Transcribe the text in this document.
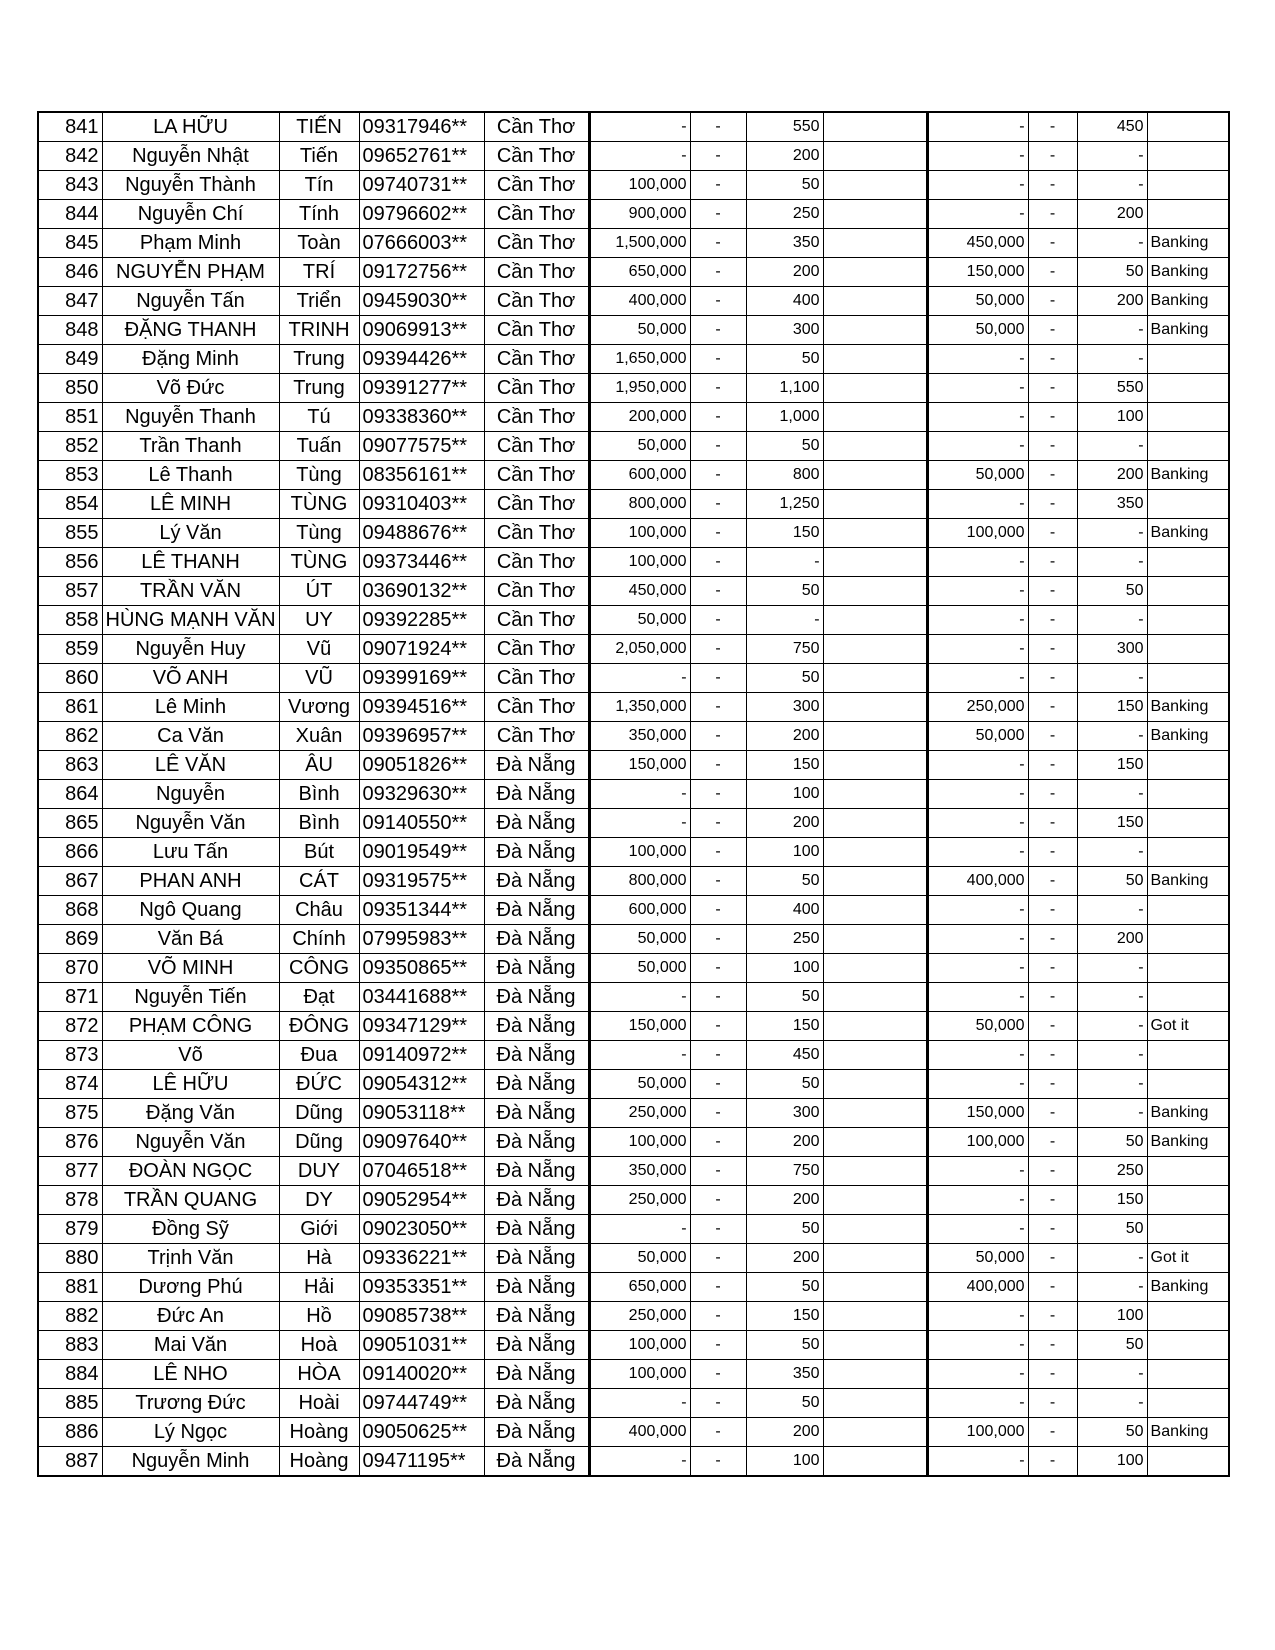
841	LA HỮU	TIẾN	09317946**	Cần Thơ	-	-	550		-	-	450	
842	Nguyễn Nhật	Tiến	09652761**	Cần Thơ	-	-	200		-	-	-	
843	Nguyễn Thành	Tín	09740731**	Cần Thơ	100,000	-	50		-	-	-	
844	Nguyễn Chí	Tính	09796602**	Cần Thơ	900,000	-	250		-	-	200	
845	Phạm Minh	Toàn	07666003**	Cần Thơ	1,500,000	-	350		450,000	-	-	Banking
846	NGUYỄN PHẠM	TRÍ	09172756**	Cần Thơ	650,000	-	200		150,000	-	50	Banking
847	Nguyễn Tấn	Triển	09459030**	Cần Thơ	400,000	-	400		50,000	-	200	Banking
848	ĐẶNG THANH	TRINH	09069913**	Cần Thơ	50,000	-	300		50,000	-	-	Banking
849	Đặng Minh	Trung	09394426**	Cần Thơ	1,650,000	-	50		-	-	-	
850	Võ Đức	Trung	09391277**	Cần Thơ	1,950,000	-	1,100		-	-	550	
851	Nguyễn Thanh	Tú	09338360**	Cần Thơ	200,000	-	1,000		-	-	100	
852	Trần Thanh	Tuấn	09077575**	Cần Thơ	50,000	-	50		-	-	-	
853	Lê Thanh	Tùng	08356161**	Cần Thơ	600,000	-	800		50,000	-	200	Banking
854	LÊ MINH	TÙNG	09310403**	Cần Thơ	800,000	-	1,250		-	-	350	
855	Lý Văn	Tùng	09488676**	Cần Thơ	100,000	-	150		100,000	-	-	Banking
856	LÊ THANH	TÙNG	09373446**	Cần Thơ	100,000	-	-		-	-	-	
857	TRẦN VĂN	ÚT	03690132**	Cần Thơ	450,000	-	50		-	-	50	
858	HÙNG MẠNH VĂN	UY	09392285**	Cần Thơ	50,000	-	-		-	-	-	
859	Nguyễn Huy	Vũ	09071924**	Cần Thơ	2,050,000	-	750		-	-	300	
860	VÕ ANH	VŨ	09399169**	Cần Thơ	-	-	50		-	-	-	
861	Lê Minh	Vương	09394516**	Cần Thơ	1,350,000	-	300		250,000	-	150	Banking
862	Ca Văn	Xuân	09396957**	Cần Thơ	350,000	-	200		50,000	-	-	Banking
863	LÊ VĂN	ÂU	09051826**	Đà Nẵng	150,000	-	150		-	-	150	
864	Nguyễn	Bình	09329630**	Đà Nẵng	-	-	100		-	-	-	
865	Nguyễn Văn	Bình	09140550**	Đà Nẵng	-	-	200		-	-	150	
866	Lưu Tấn	Bút	09019549**	Đà Nẵng	100,000	-	100		-	-	-	
867	PHAN ANH	CÁT	09319575**	Đà Nẵng	800,000	-	50		400,000	-	50	Banking
868	Ngô Quang	Châu	09351344**	Đà Nẵng	600,000	-	400		-	-	-	
869	Văn Bá	Chính	07995983**	Đà Nẵng	50,000	-	250		-	-	200	
870	VÕ MINH	CÔNG	09350865**	Đà Nẵng	50,000	-	100		-	-	-	
871	Nguyễn Tiến	Đạt	03441688**	Đà Nẵng	-	-	50		-	-	-	
872	PHẠM CÔNG	ĐÔNG	09347129**	Đà Nẵng	150,000	-	150		50,000	-	-	Got it
873	Võ	Đua	09140972**	Đà Nẵng	-	-	450		-	-	-	
874	LÊ HỮU	ĐỨC	09054312**	Đà Nẵng	50,000	-	50		-	-	-	
875	Đặng Văn	Dũng	09053118**	Đà Nẵng	250,000	-	300		150,000	-	-	Banking
876	Nguyễn Văn	Dũng	09097640**	Đà Nẵng	100,000	-	200		100,000	-	50	Banking
877	ĐOÀN NGỌC	DUY	07046518**	Đà Nẵng	350,000	-	750		-	-	250	
878	TRẦN QUANG	DY	09052954**	Đà Nẵng	250,000	-	200		-	-	150	
879	Đồng Sỹ	Giới	09023050**	Đà Nẵng	-	-	50		-	-	50	
880	Trịnh Văn	Hà	09336221**	Đà Nẵng	50,000	-	200		50,000	-	-	Got it
881	Dương Phú	Hải	09353351**	Đà Nẵng	650,000	-	50		400,000	-	-	Banking
882	Đức An	Hồ	09085738**	Đà Nẵng	250,000	-	150		-	-	100	
883	Mai Văn	Hoà	09051031**	Đà Nẵng	100,000	-	50		-	-	50	
884	LÊ NHO	HÒA	09140020**	Đà Nẵng	100,000	-	350		-	-	-	
885	Trương Đức	Hoài	09744749**	Đà Nẵng	-	-	50		-	-	-	
886	Lý Ngọc	Hoàng	09050625**	Đà Nẵng	400,000	-	200		100,000	-	50	Banking
887	Nguyễn Minh	Hoàng	09471195**	Đà Nẵng	-	-	100		-	-	100	
